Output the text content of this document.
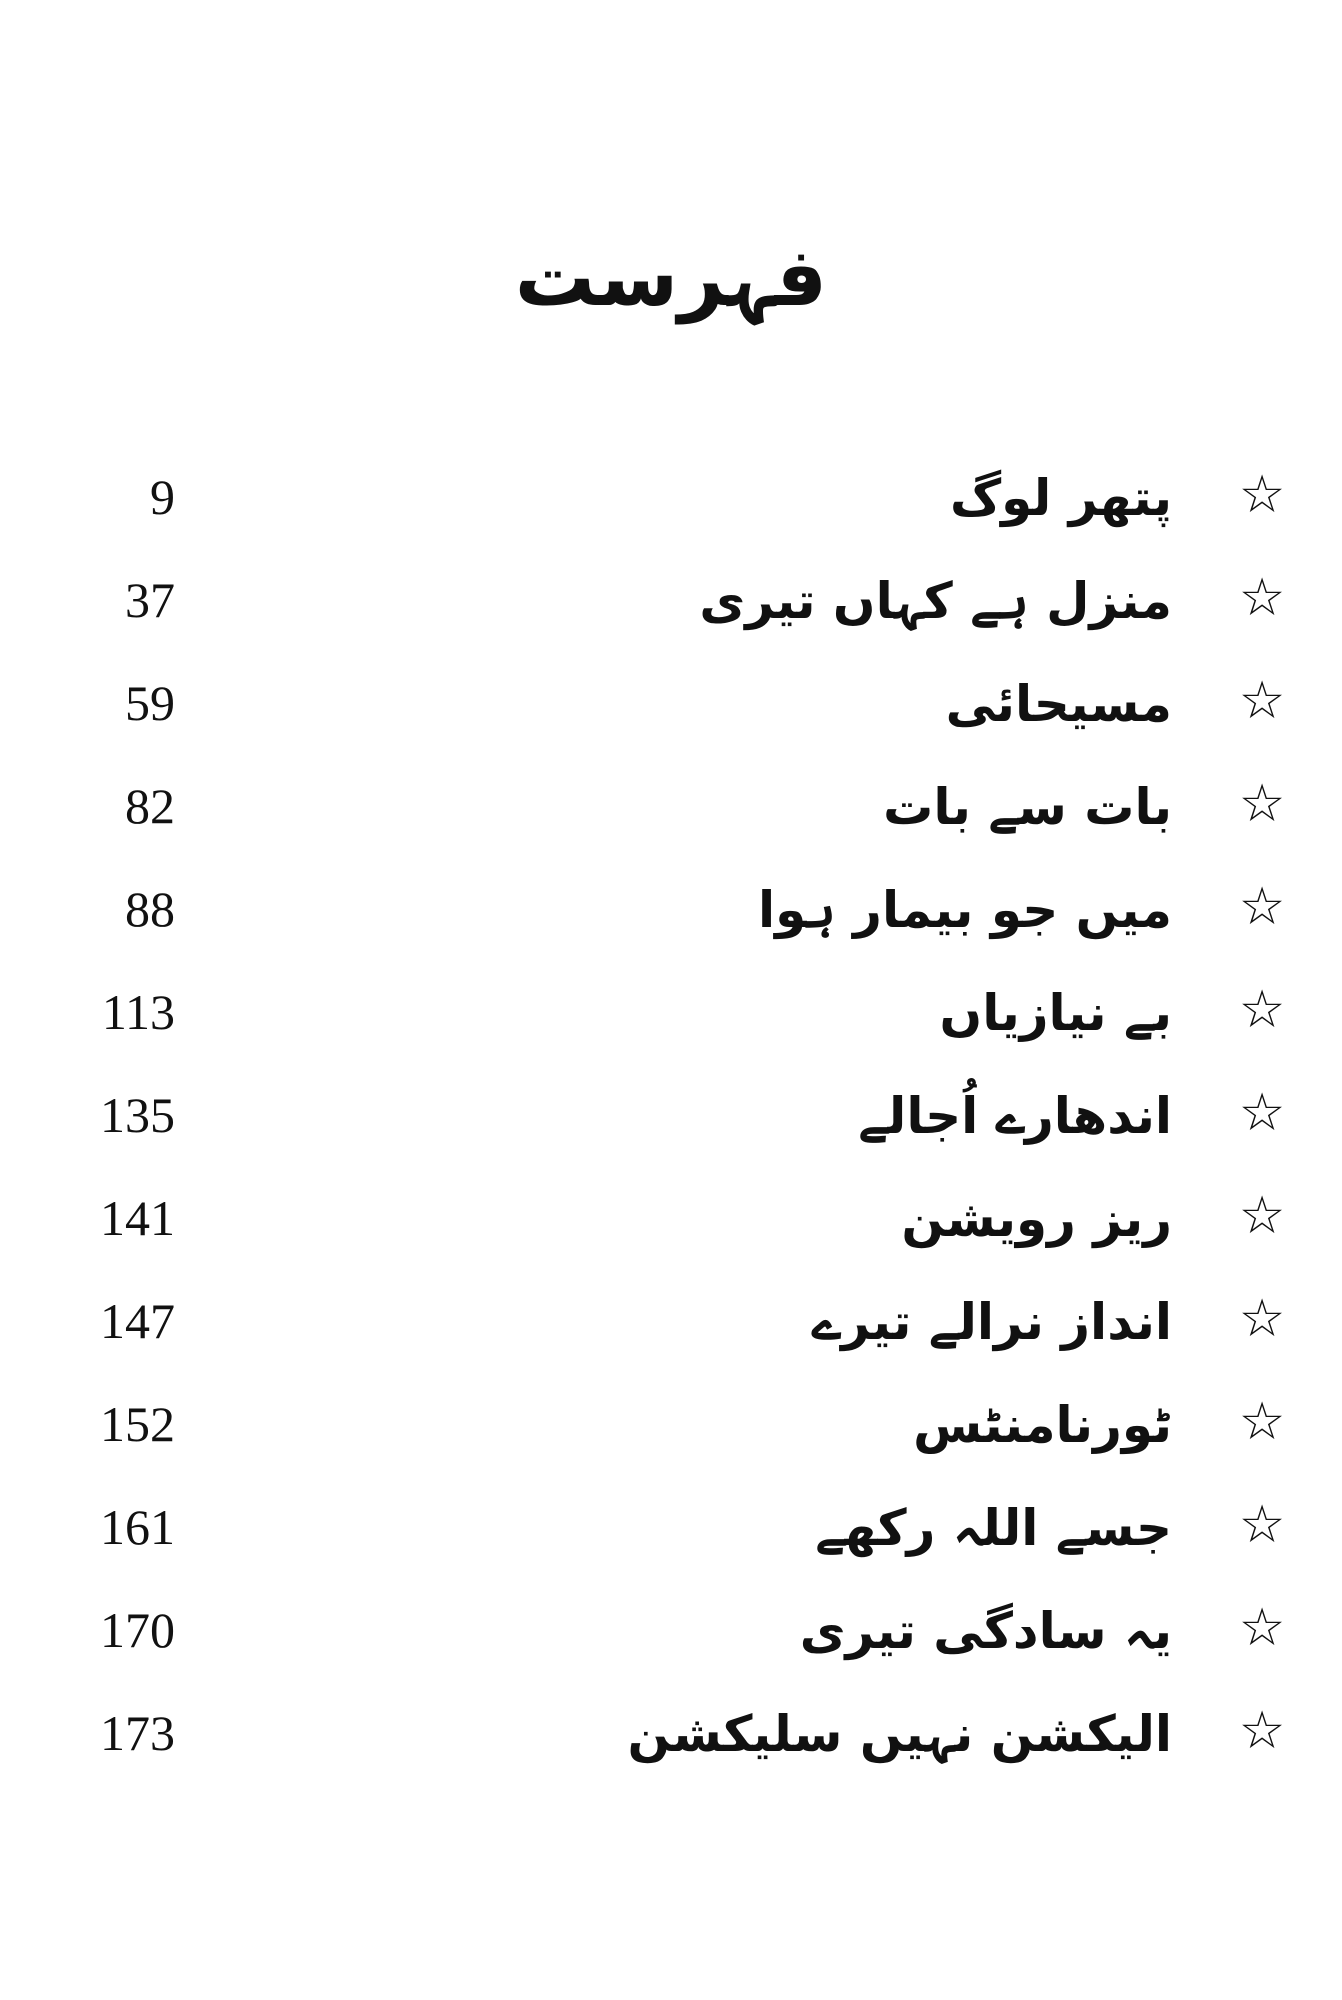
فہرست
☆
پتھر لوگ
9
☆
منزل ہے کہاں تیری
37
☆
مسیحائی
59
☆
بات سے بات
82
☆
میں جو بیمار ہوا
88
☆
بے نیازیاں
113
☆
اندھارے اُجالے
135
☆
ریز رویشن
141
☆
انداز نرالے تیرے
147
☆
ٹورنامنٹس
152
☆
جسے اللہ رکھے
161
☆
یہ سادگی تیری
170
☆
الیکشن نہیں سلیکشن
173
